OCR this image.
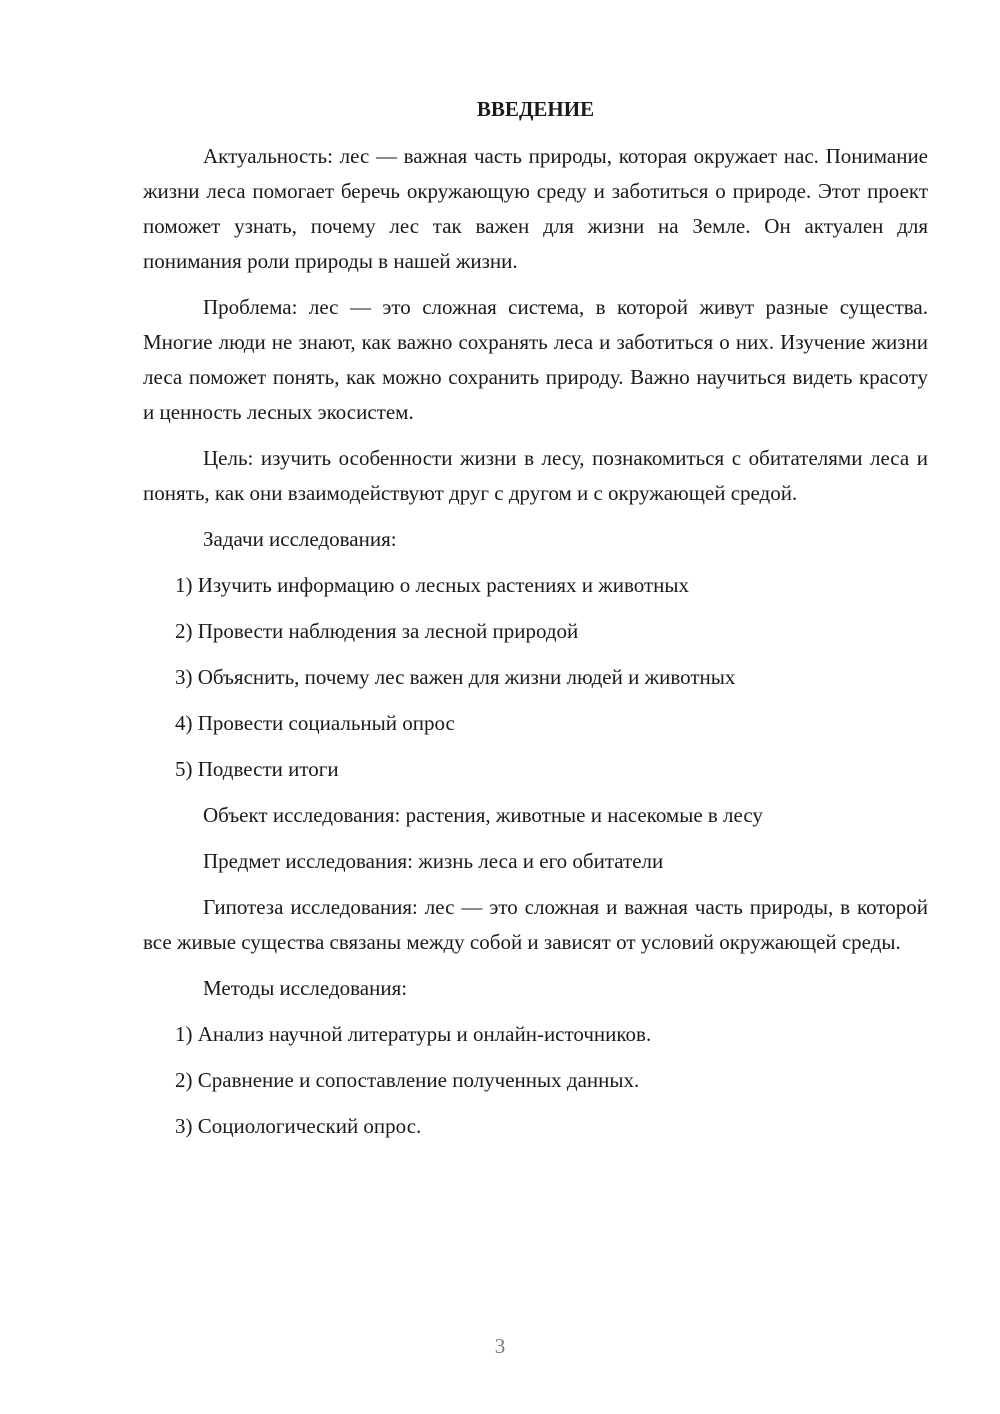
ВВЕДЕНИЕ

Актуальность: лес — важная часть природы, которая окружает нас. Понимание жизни леса помогает беречь окружающую среду и заботиться о природе. Этот проект поможет узнать, почему лес так важен для жизни на Земле. Он актуален для понимания роли природы в нашей жизни.

Проблема: лес — это сложная система, в которой живут разные существа. Многие люди не знают, как важно сохранять леса и заботиться о них. Изучение жизни леса поможет понять, как можно сохранить природу. Важно научиться видеть красоту и ценность лесных экосистем.

Цель: изучить особенности жизни в лесу, познакомиться с обитателями леса и понять, как они взаимодействуют друг с другом и с окружающей средой.

Задачи исследования:
1) Изучить информацию о лесных растениях и животных
2) Провести наблюдения за лесной природой
3) Объяснить, почему лес важен для жизни людей и животных
4) Провести социальный опрос
5) Подвести итоги
Объект исследования: растения, животные и насекомые в лесу
Предмет исследования: жизнь леса и его обитатели

Гипотеза исследования: лес — это сложная и важная часть природы, в которой все живые существа связаны между собой и зависят от условий окружающей среды.

Методы исследования:
1) Анализ научной литературы и онлайн-источников.
2) Сравнение и сопоставление полученных данных.
3) Социологический опрос.
3
